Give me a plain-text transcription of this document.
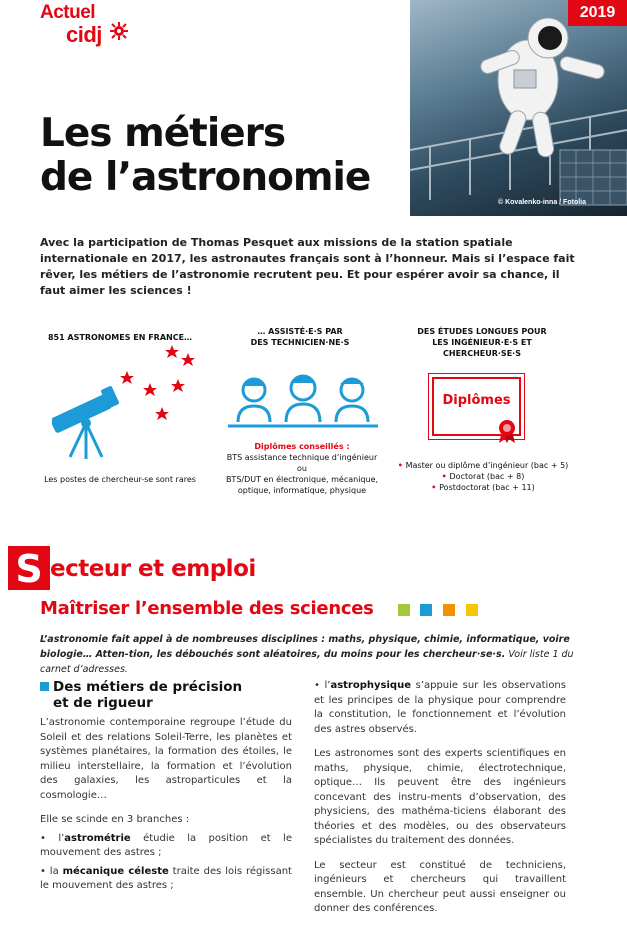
Actuel
cidj
Les métiers
de l’astronomie
2019
© Kovalenko-inna / Fotolia
Avec la participation de Thomas Pesquet aux missions de la station spatiale internationale en 2017, les astronautes français sont à l’honneur. Mais si l’espace fait rêver, les métiers de l’astronomie recrutent peu. Et pour espérer avoir sa chance, il faut aimer les sciences !
851 ASTRONOMES EN FRANCE…
Les postes de chercheur-se sont rares
… ASSISTÉ·E·S PAR
DES TECHNICIEN·NE·S
Diplômes conseillés :
BTS assistance technique d’ingénieur ou
BTS/DUT en électronique, mécanique,
optique, informatique, physique
DES ÉTUDES LONGUES POUR
LES INGÉNIEUR·E·S ET CHERCHEUR·SE·S
Diplômes
• Master ou diplôme d’ingénieur (bac + 5)
• Doctorat (bac + 8)
• Postdoctorat (bac + 11)
S ecteur et emploi
Maîtriser l’ensemble des sciences
L’astronomie fait appel à de nombreuses disciplines : maths, physique, chimie, informatique, voire biologie… Atten-tion, les débouchés sont aléatoires, du moins pour les chercheur·se·s. Voir liste 1 du carnet d’adresses.
Des métiers de précision
et de rigueur

L’astronomie contemporaine regroupe l’étude du Soleil et des relations Soleil-Terre, les planètes et systèmes planétaires, la formation des étoiles, le milieu interstellaire, la formation et l’évolution des galaxies, les astroparticules et la cosmologie…

Elle se scinde en 3 branches :

• l’astrométrie étudie la position et le mouvement des astres ;

• la mécanique céleste traite des lois régissant le mouvement des astres ;

• l’astrophysique s’appuie sur les observations et les principes de la physique pour comprendre la constitution, le fonctionnement et l’évolution des astres observés.

Les astronomes sont des experts scientifiques en maths, physique, chimie, électrotechnique, optique… Ils peuvent être des ingénieurs concevant des instru-ments d’observation, des physiciens, des mathéma-ticiens élaborant des théories et des modèles, ou des observateurs spécialistes du traitement des données.

Le secteur est constitué de techniciens, ingénieurs et chercheurs qui travaillent ensemble. Un chercheur peut aussi enseigner ou donner des conférences.
